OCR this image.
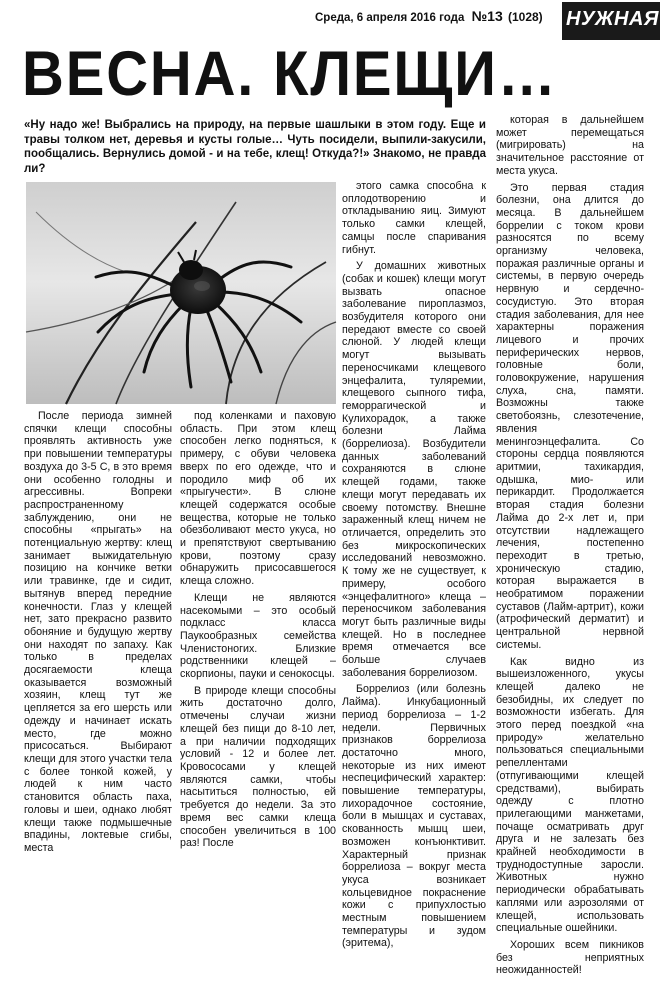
Среда, 6 апреля 2016 года №13 (1028) НУЖНАЯ
ВЕСНА. КЛЕЩИ…
«Ну надо же! Выбрались на природу, на первые шашлыки в этом году. Еще и травы толком нет, деревья и кусты голые… Чуть посидели, выпили-закусили, пообщались. Вернулись домой - и на тебе, клещ! Откуда?!» Знакомо, не правда ли?

После периода зимней спячки клещи способны проявлять активность уже при повышении температуры воздуха до 3-5 С, в это время они особенно голодны и агрессивны. Вопреки распространенному заблуждению, они не способны «прыгать» на потенциальную жертву: клещ занимает выжидательную позицию на кончике ветки или травинке, где и сидит, вытянув вперед передние конечности. Глаз у клещей нет, зато прекрасно развито обоняние и будущую жертву они находят по запаху. Как только в пределах досягаемости клеща оказывается возможный хозяин, клещ тут же цепляется за его шерсть или одежду и начинает искать место, где можно присосаться. Выбирают клещи для этого участки тела с более тонкой кожей, у людей к ним часто становится область паха, головы и шеи, однако любят клещи также подмышечные впадины, локтевые сгибы, места

под коленками и паховую область. При этом клещ способен легко подняться, к примеру, с обуви человека вверх по его одежде, что и породило миф об их «прыгучести». В слюне клещей содержатся особые вещества, которые не только обезболивают место укуса, но и препятствуют свертыванию крови, поэтому сразу обнаружить присосавшегося клеща сложно.

Клещи не являются насекомыми – это особый подкласс класса Паукообразных семейства Членистоногих. Близкие родственники клещей – скорпионы, пауки и сенокосцы.

В природе клещи способны жить достаточно долго, отмечены случаи жизни клещей без пищи до 8-10 лет, а при наличии подходящих условий - 12 и более лет. Кровососами у клещей являются самки, чтобы насытиться полностью, ей требуется до недели. За это время вес самки клеща способен увеличиться в 100 раз! После

этого самка способна к оплодотворению и откладыванию яиц. Зимуют только самки клещей, самцы после спаривания гибнут.

У домашних животных (собак и кошек) клещи могут вызвать опасное заболевание пироплазмоз, возбудителя которого они передают вместе со своей слюной. У людей клещи могут вызывать переносчиками клещевого энцефалита, туляремии, клещевого сыпного тифа, геморрагической и Кулихорадок, а также болезни Лайма (боррелиоза). Возбудители данных заболеваний сохраняются в слюне клещей годами, также клещи могут передавать их своему потомству. Внешне зараженный клещ ничем не отличается, определить это без микроскопических исследований невозможно. К тому же не существует, к примеру, особого «энцефалитного» клеща – переносчиком заболевания могут быть различные виды клещей. Но в последнее время отмечается все больше случаев заболевания боррелиозом.

Боррелиоз (или болезнь Лайма). Инкубационный период боррелиоза – 1-2 недели. Первичных признаков боррелиоза достаточно много, некоторые из них имеют неспецифический характер: повышение температуры, лихорадочное состояние, боли в мышцах и суставах, скованность мышц шеи, возможен конъюнктивит. Характерный признак боррелиоза – вокруг места укуса возникает кольцевидное покраснение кожи с припухлостью местным повышением температуры и зудом (эритема),

которая в дальнейшем может перемещаться (мигрировать) на значительное расстояние от места укуса.

Это первая стадия болезни, она длится до месяца. В дальнейшем боррелии с током крови разносятся по всему организму человека, поражая различные органы и системы, в первую очередь нервную и сердечно-сосудистую. Это вторая стадия заболевания, для нее характерны поражения лицевого и прочих периферических нервов, головные боли, головокружение, нарушения слуха, сна, памяти. Возможны также светобоязнь, слезотечение, явления менингоэнцефалита. Со стороны сердца появляются аритмии, тахикардия, одышка, мио- или перикардит. Продолжается вторая стадия болезни Лайма до 2-х лет и, при отсутствии надлежащего лечения, постепенно переходит в третью, хроническую стадию, которая выражается в необратимом поражении суставов (Лайм-артрит), кожи (атрофический дерматит) и центральной нервной системы.

Как видно из вышеизложенного, укусы клещей далеко не безобидны, их следует по возможности избегать. Для этого перед поездкой «на природу» желательно пользоваться специальными репеллентами (отпугивающими клещей средствами), выбирать одежду с плотно прилегающими манжетами, почаще осматривать друг друга и не залезать без крайней необходимости в труднодоступные заросли. Животных нужно периодически обрабатывать каплями или аэрозолями от клещей, использовать специальные ошейники.

Хороших всем пикников без неприятных неожиданностей!
